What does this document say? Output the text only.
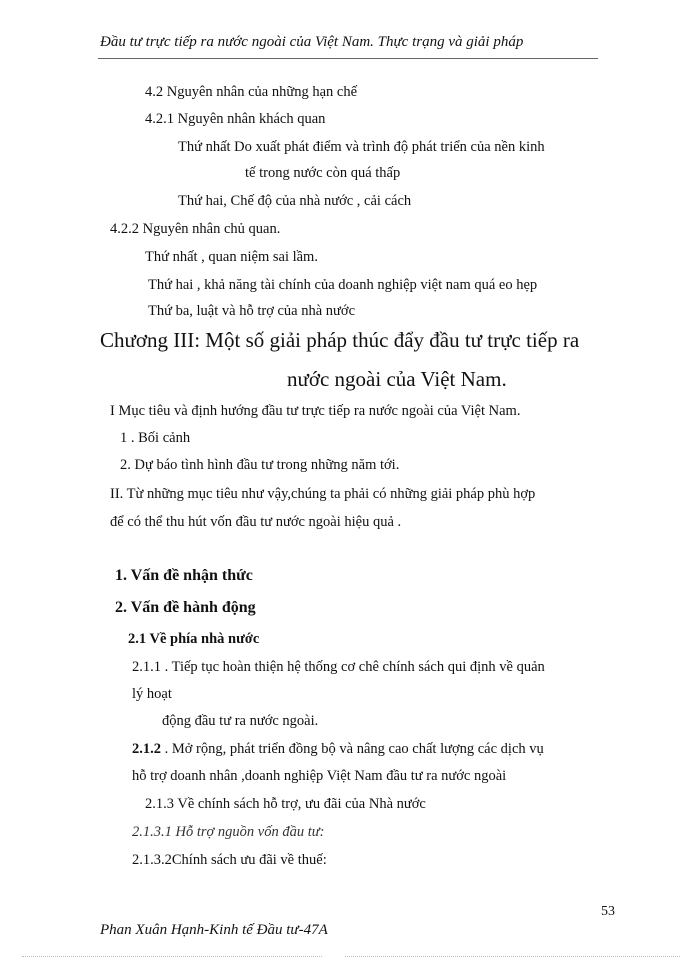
Đầu tư trực tiếp ra nước ngoài của Việt Nam. Thực trạng và giải pháp
4.2 Nguyên nhân của những hạn chế
4.2.1 Nguyên nhân khách quan
Thứ nhất Do xuất phát điểm và trình độ phát triển của nền kinh
tế trong nước còn quá thấp
Thứ hai, Chế độ của nhà nước , cải cách
4.2.2 Nguyên nhân chủ quan.
Thứ nhất , quan niệm sai lầm.
Thứ hai , khả năng tài chính của doanh nghiệp việt nam quá eo hẹp
Thứ ba, luật và hỗ trợ của nhà nước
Chương III: Một số giải pháp thúc đẩy đầu tư trực tiếp ra
nước ngoài của Việt Nam.
I Mục tiêu và định hướng đầu tư trực tiếp ra nước ngoài của Việt Nam.
1 . Bối cảnh
2. Dự báo tình hình đầu tư trong những năm tới.
II. Từ những mục tiêu như vậy,chúng ta phải có những giải pháp phù hợp
để có thể thu hút vốn đầu tư nước ngoài hiệu quả .
1. Vấn đề nhận thức
2. Vấn đề hành động
2.1 Về phía nhà nước
2.1.1 . Tiếp tục hoàn thiện hệ thống cơ chê chính sách qui định về quản
lý hoạt
động đầu tư ra nước ngoài.
2.1.2 . Mở rộng, phát triển đồng bộ và nâng cao chất lượng các dịch vụ
hỗ trợ doanh nhân ,doanh nghiệp Việt Nam đầu tư ra nước ngoài
2.1.3 Về chính sách hỗ trợ, ưu đãi của Nhà nước
2.1.3.1 Hỗ trợ nguồn vốn đầu tư:
2.1.3.2Chính sách ưu đãi về thuế:
53
Phan Xuân Hạnh-Kinh tế Đầu tư-47A
